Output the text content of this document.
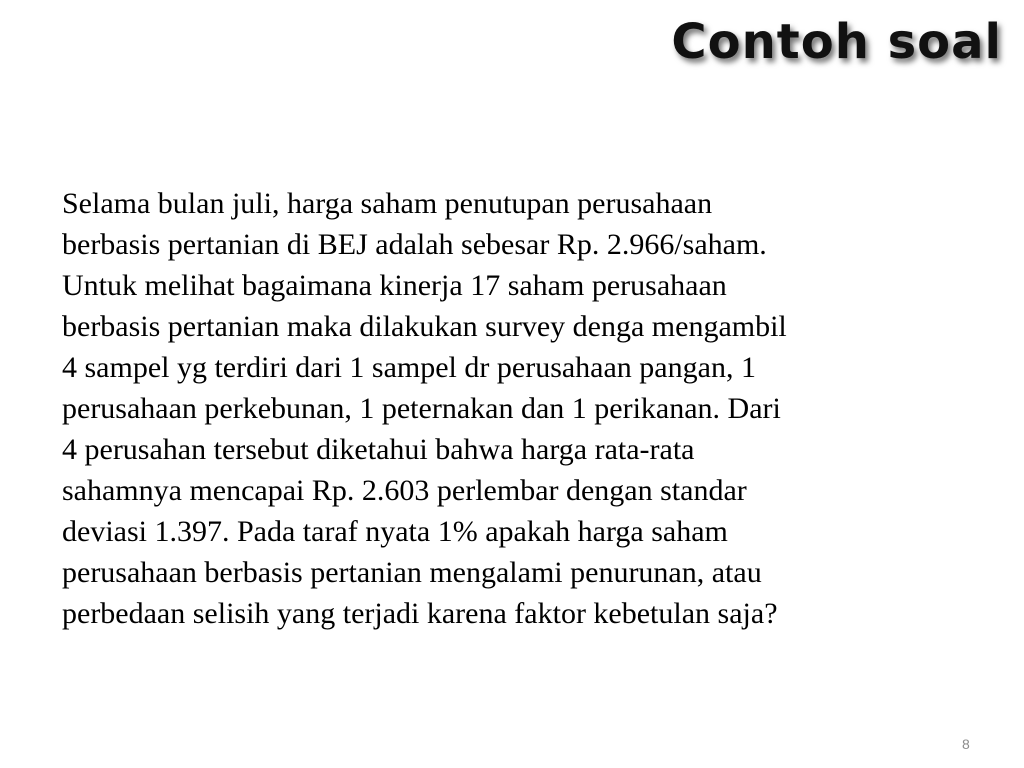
Contoh soal
Selama bulan juli, harga saham penutupan perusahaan
berbasis pertanian di BEJ adalah sebesar Rp. 2.966/saham.
Untuk melihat bagaimana kinerja 17 saham perusahaan
berbasis pertanian maka dilakukan survey denga mengambil
4 sampel yg terdiri dari 1 sampel dr perusahaan pangan, 1
perusahaan perkebunan, 1 peternakan dan 1 perikanan. Dari
4 perusahan tersebut diketahui bahwa harga rata-rata
sahamnya mencapai Rp. 2.603 perlembar dengan standar
deviasi 1.397. Pada taraf nyata 1% apakah harga saham
perusahaan berbasis pertanian mengalami penurunan, atau
perbedaan selisih yang terjadi karena faktor kebetulan saja?
8
